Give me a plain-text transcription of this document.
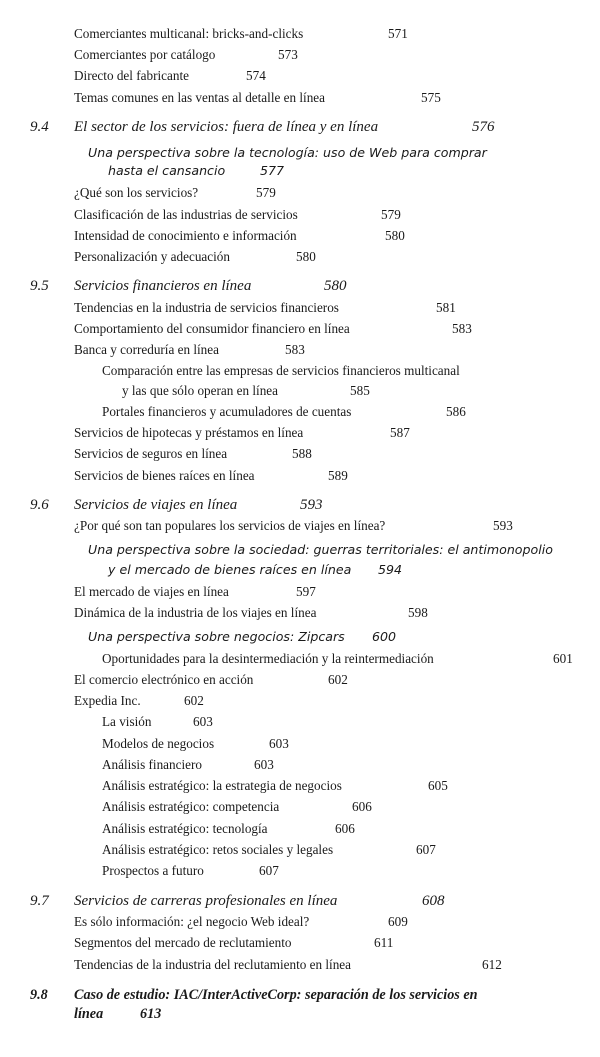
Comerciantes multicanal: bricks-and-clicks	571
Comerciantes por catálogo	573
Directo del fabricante	574
Temas comunes en las ventas al detalle en línea	575
9.4 El sector de los servicios: fuera de línea y en línea	576
Una perspectiva sobre la tecnología: uso de Web para comprar
hasta el cansancio	577
¿Qué son los servicios?	579
Clasificación de las industrias de servicios	579
Intensidad de conocimiento e información	580
Personalización y adecuación	580
9.5 Servicios financieros en línea	580
Tendencias en la industria de servicios financieros	581
Comportamiento del consumidor financiero en línea	583
Banca y correduría en línea	583
Comparación entre las empresas de servicios financieros multicanal
y las que sólo operan en línea	585
Portales financieros y acumuladores de cuentas	586
Servicios de hipotecas y préstamos en línea	587
Servicios de seguros en línea	588
Servicios de bienes raíces en línea	589
9.6 Servicios de viajes en línea	593
¿Por qué son tan populares los servicios de viajes en línea?	593
Una perspectiva sobre la sociedad: guerras territoriales: el antimonopolio
y el mercado de bienes raíces en línea 594
El mercado de viajes en línea	597
Dinámica de la industria de los viajes en línea	598
Una perspectiva sobre negocios: Zipcars 600
Oportunidades para la desintermediación y la reintermediación	601
El comercio electrónico en acción	602
Expedia Inc.	602
La visión	603
Modelos de negocios	603
Análisis financiero	603
Análisis estratégico: la estrategia de negocios	605
Análisis estratégico: competencia	606
Análisis estratégico: tecnología	606
Análisis estratégico: retos sociales y legales	607
Prospectos a futuro	607
9.7 Servicios de carreras profesionales en línea	608
Es sólo información: ¿el negocio Web ideal?	609
Segmentos del mercado de reclutamiento	611
Tendencias de la industria del reclutamiento en línea	612
9.8 Caso de estudio: IAC/InterActiveCorp: separación de los servicios en
línea	613
